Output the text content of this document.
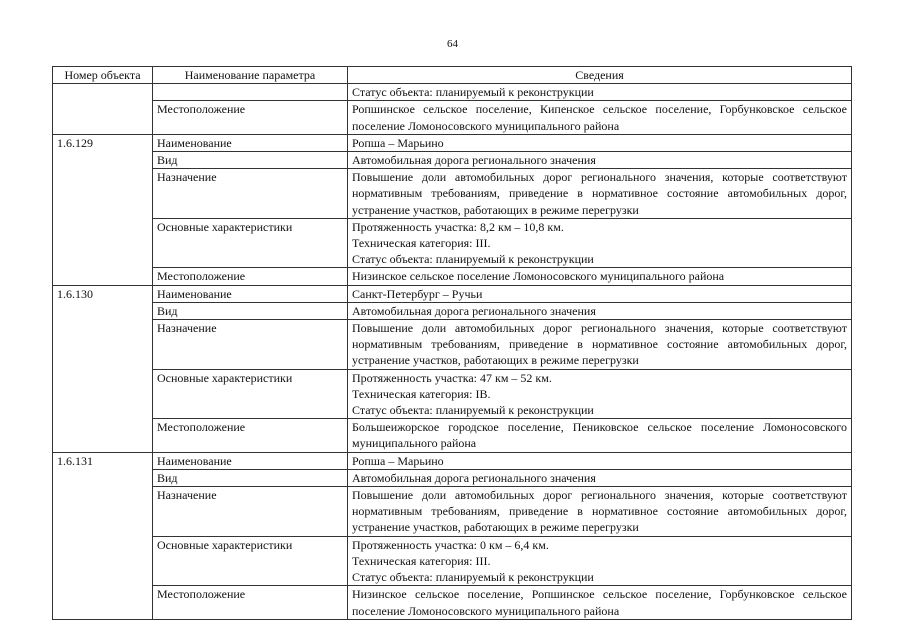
64
Номер объекта	Наименование параметра	Сведения

		Статус объекта: планируемый к реконструкции

	Местоположение	Ропшинское сельское поселение, Кипенское сельское поселение, Горбунковское сельское поселение Ломоносовского муниципального района

1.6.129	Наименование	Ропша – Марьино

	Вид	Автомобильная дорога регионального значения

	Назначение	Повышение доли автомобильных дорог регионального значения, которые соответствуют нормативным требованиям, приведение в нормативное состояние автомобильных дорог, устранение участков, работающих в режиме перегрузки

	Основные характеристики	Протяженность участка: 8,2 км – 10,8 км.
Техническая категория: III.
Статус объекта: планируемый к реконструкции

	Местоположение	Низинское сельское поселение Ломоносовского муниципального района

1.6.130	Наименование	Санкт-Петербург – Ручьи

	Вид	Автомобильная дорога регионального значения

	Назначение	Повышение доли автомобильных дорог регионального значения, которые соответствуют нормативным требованиям, приведение в нормативное состояние автомобильных дорог, устранение участков, работающих в режиме перегрузки

	Основные характеристики	Протяженность участка: 47 км – 52 км.
Техническая категория: IB.
Статус объекта: планируемый к реконструкции

	Местоположение	Большеижорское городское поселение, Пениковское сельское поселение Ломоносовского муниципального района

1.6.131	Наименование	Ропша – Марьино

	Вид	Автомобильная дорога регионального значения

	Назначение	Повышение доли автомобильных дорог регионального значения, которые соответствуют нормативным требованиям, приведение в нормативное состояние автомобильных дорог, устранение участков, работающих в режиме перегрузки

	Основные характеристики	Протяженность участка: 0 км – 6,4 км.
Техническая категория: III.
Статус объекта: планируемый к реконструкции

	Местоположение	Низинское сельское поселение, Ропшинское сельское поселение, Горбунковское сельское поселение Ломоносовского муниципального района
